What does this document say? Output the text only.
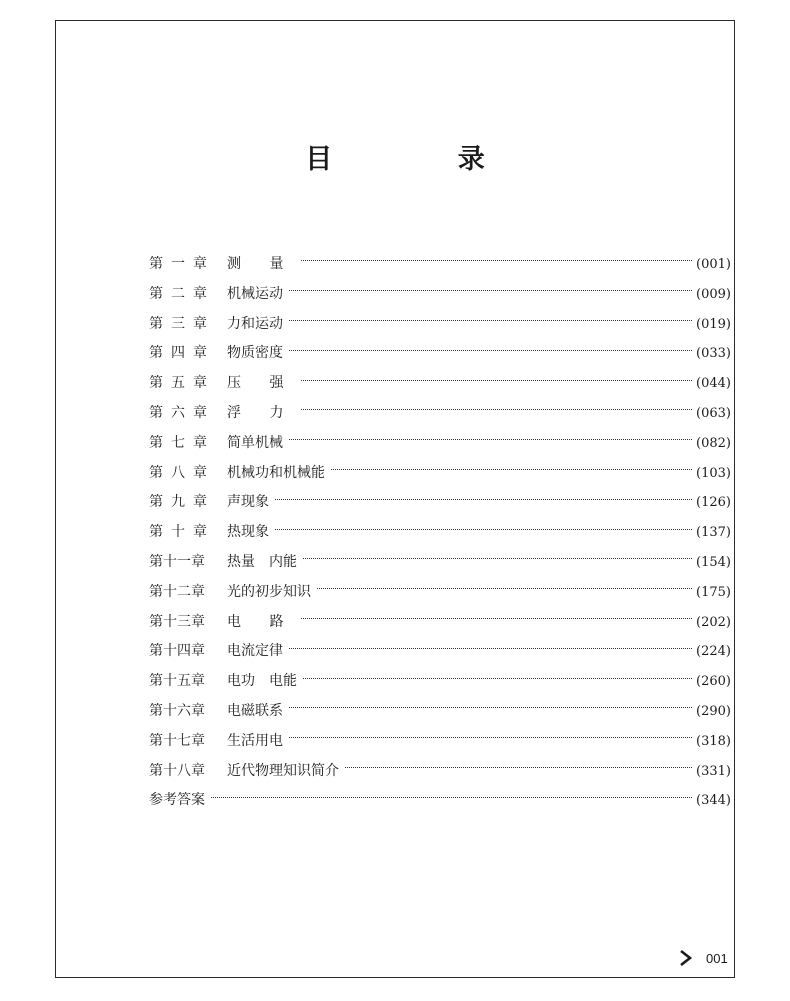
目 录
第一章 测 量	(001)
第二章 机械运动	(009)
第三章 力和运动	(019)
第四章 物质密度	(033)
第五章 压 强	(044)
第六章 浮 力	(063)
第七章 简单机械	(082)
第八章 机械功和机械能	(103)
第九章 声现象	(126)
第十章 热现象	(137)
第十一章	热量　内能	(154)
第十二章	光的初步知识	(175)
第十三章	电 路	(202)
第十四章	电流定律	(224)
第十五章	电功　电能	(260)
第十六章	电磁联系	(290)
第十七章	生活用电	(318)
第十八章	近代物理知识简介	(331)
参考答案	(344)
001
